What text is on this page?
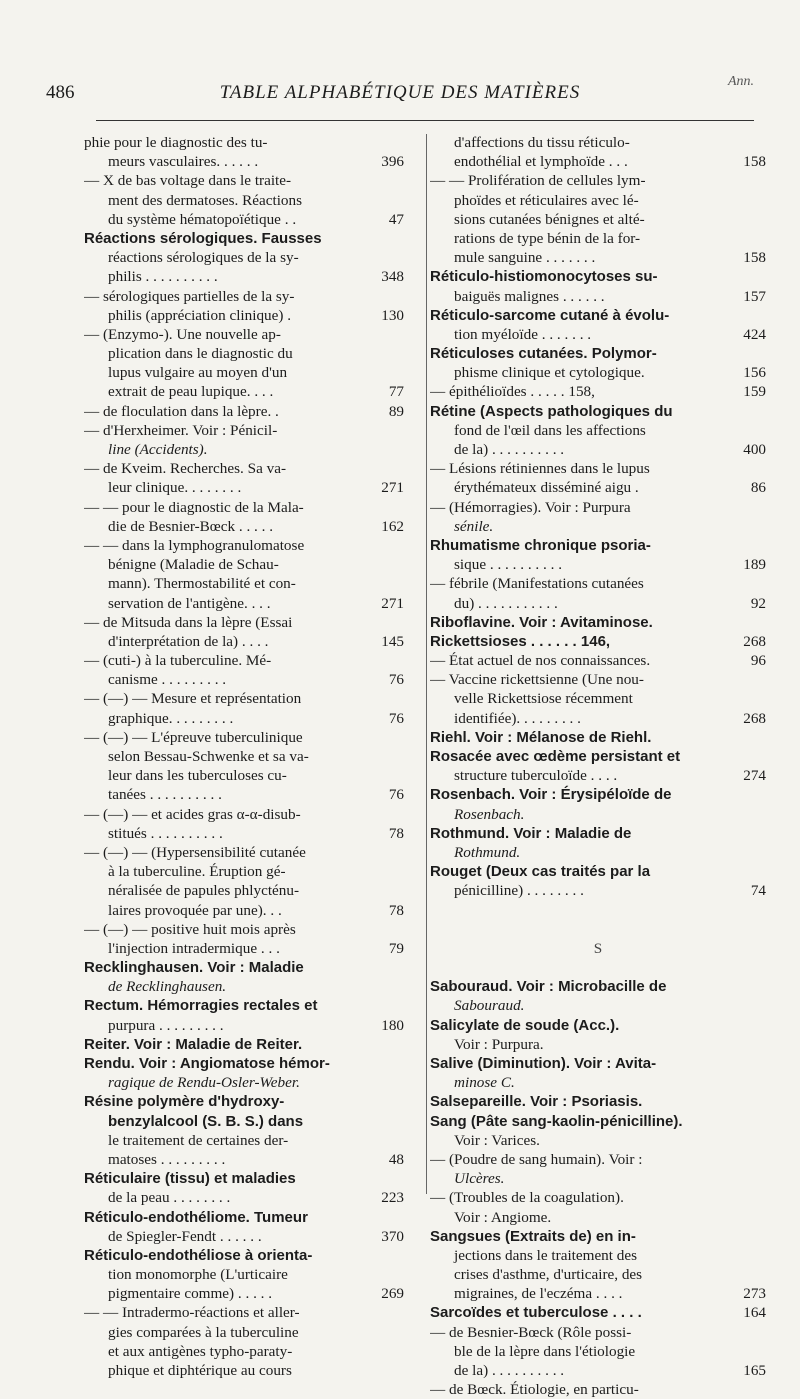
486	TABLE ALPHABÉTIQUE DES MATIÈRES
Ann.
phie pour le diagnostic des tu-
meurs vasculaires. . . . . .	396
— X de bas voltage dans le traite-
ment des dermatoses. Réactions
du système hématopoïétique . .	47
Réactions sérologiques. Fausses
réactions sérologiques de la sy-
philis . . . . . . . . . .	348
— sérologiques partielles de la sy-
philis (appréciation clinique) .	130
— (Enzymo-). Une nouvelle ap-
plication dans le diagnostic du
lupus vulgaire au moyen d'un
extrait de peau lupique. . . .	77
— de floculation dans la lèpre. .	89
— d'Herxheimer. Voir : Pénicil-
line (Accidents).
— de Kveim. Recherches. Sa va-
leur clinique. . . . . . . .	271
— — pour le diagnostic de la Mala-
die de Besnier-Bœck . . . . .	162
— — dans la lymphogranulomatose
bénigne (Maladie de Schau-
mann). Thermostabilité et con-
servation de l'antigène. . . .	271
— de Mitsuda dans la lèpre (Essai
d'interprétation de la) . . . .	145
— (cuti-) à la tuberculine. Mé-
canisme . . . . . . . . .	76
— (—) — Mesure et représentation
graphique. . . . . . . . .	76
— (—) — L'épreuve tuberculinique
selon Bessau-Schwenke et sa va-
leur dans les tuberculoses cu-
tanées . . . . . . . . . .	76
— (—) — et acides gras α-α-disub-
stitués . . . . . . . . . .	78
— (—) — (Hypersensibilité cutanée
à la tuberculine. Éruption gé-
néralisée de papules phlycténu-
laires provoquée par une). . .	78
— (—) — positive huit mois après
l'injection intradermique . . .	79
Recklinghausen. Voir : Maladie
de Recklinghausen.
Rectum. Hémorragies rectales et
purpura . . . . . . . . .	180
Reiter. Voir : Maladie de Reiter.
Rendu. Voir : Angiomatose hémor-
ragique de Rendu-Osler-Weber.
Résine polymère d'hydroxy-
benzylalcool (S. B. S.) dans
le traitement de certaines der-
matoses . . . . . . . . .	48
Réticulaire (tissu) et maladies
de la peau . . . . . . . .	223
Réticulo-endothéliome. Tumeur
de Spiegler-Fendt . . . . . .	370
Réticulo-endothéliose à orienta-
tion monomorphe (L'urticaire
pigmentaire comme) . . . . .	269
— — Intradermo-réactions et aller-
gies comparées à la tuberculine
et aux antigènes typho-paraty-
phique et diphtérique au cours
d'affections du tissu réticulo-
endothélial et lymphoïde . . .	158
— — Prolifération de cellules lym-
phoïdes et réticulaires avec lé-
sions cutanées bénignes et alté-
rations de type bénin de la for-
mule sanguine . . . . . . .	158
Réticulo-histiomonocytoses su-
baiguës malignes . . . . . .	157
Réticulo-sarcome cutané à évolu-
tion myéloïde . . . . . . .	424
Réticuloses cutanées. Polymor-
phisme clinique et cytologique.	156
— épithélioïdes . . . . . 158,	159
Rétine (Aspects pathologiques du
fond de l'œil dans les affections
de la) . . . . . . . . . .	400
— Lésions rétiniennes dans le lupus
érythémateux disséminé aigu .	86
— (Hémorragies). Voir : Purpura
sénile.
Rhumatisme chronique psoria-
sique . . . . . . . . . .	189
— fébrile (Manifestations cutanées
du) . . . . . . . . . . .	92
Riboflavine. Voir : Avitaminose.
Rickettsioses . . . . . . 146,	268
— État actuel de nos connaissances.	96
— Vaccine rickettsienne (Une nou-
velle Rickettsiose récemment
identifiée). . . . . . . . .	268
Riehl. Voir : Mélanose de Riehl.
Rosacée avec œdème persistant et
structure tuberculoïde . . . .	274
Rosenbach. Voir : Érysipéloïde de
Rosenbach.
Rothmund. Voir : Maladie de
Rothmund.
Rouget (Deux cas traités par la
pénicilline) . . . . . . . .	74
S
Sabouraud. Voir : Microbacille de
Sabouraud.
Salicylate de soude (Acc.).
Voir : Purpura.
Salive (Diminution). Voir : Avita-
minose C.
Salsepareille. Voir : Psoriasis.
Sang (Pâte sang-kaolin-pénicilline).
Voir : Varices.
— (Poudre de sang humain). Voir :
Ulcères.
— (Troubles de la coagulation).
Voir : Angiome.
Sangsues (Extraits de) en in-
jections dans le traitement des
crises d'asthme, d'urticaire, des
migraines, de l'eczéma . . . .	273
Sarcoïdes et tuberculose . . . .	164
— de Besnier-Bœck (Rôle possi-
ble de la lèpre dans l'étiologie
de la) . . . . . . . . . .	165
— de Bœck. Étiologie, en particu-
